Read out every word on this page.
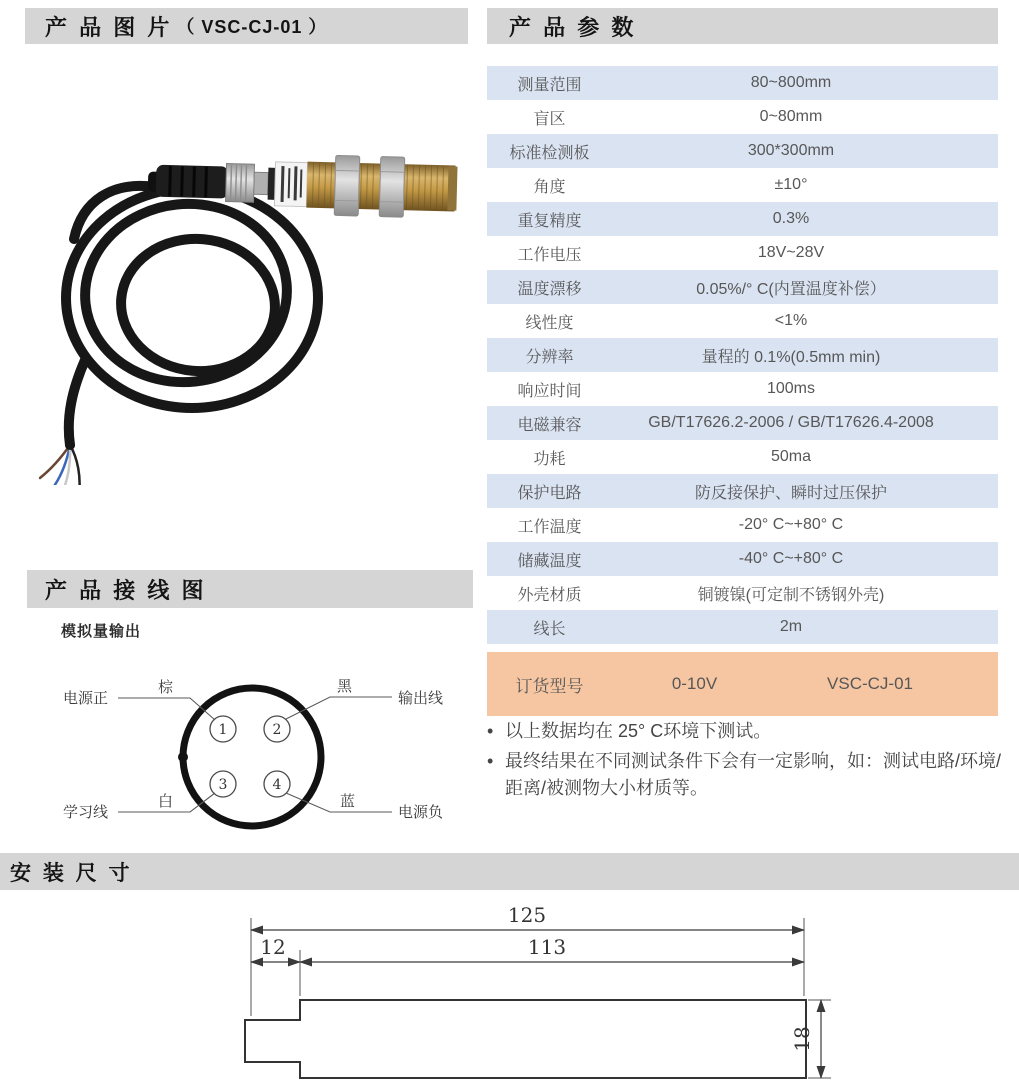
产 品 图 片 （ VSC-CJ-01 ）
产 品 接 线 图
模拟量输出
1	2
3	4
电源正
棕	黑
输出线
学习线
白	蓝
电源负
产 品 参 数
测量范围	80~800mm
盲区	0~80mm
标准检测板	300*300mm
角度	±10°
重复精度	0.3%
工作电压	18V~28V
温度漂移	0.05%/° C(内置温度补偿）
线性度	<1%
分辨率	量程的 0.1%(0.5mm min)
响应时间	100ms
电磁兼容	GB/T17626.2-2006 / GB/T17626.4-2008
功耗	50ma
保护电路	防反接保护、瞬时过压保护
工作温度	-20° C~+80° C
储藏温度	-40° C~+80° C
外壳材质	铜镀镍(可定制不锈钢外壳)
线长	2m
订货型号	0-10V	VSC-CJ-01
• 以上数据均在 25° C环境下测试。
• 最终结果在不同测试条件下会有一定影响，如：测试电路/环境/距离/被测物大小材质等。
安 装 尺 寸
125
12	113
18
